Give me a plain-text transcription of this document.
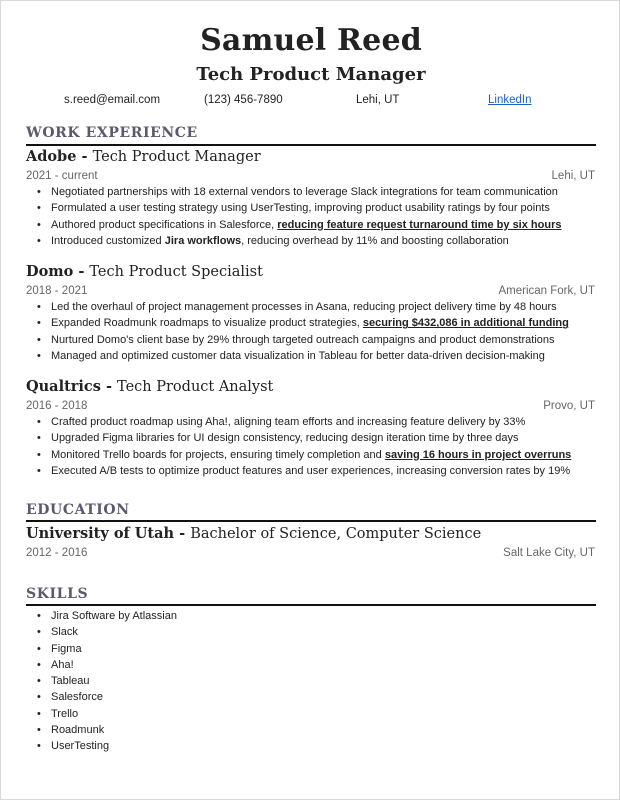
Samuel Reed
Tech Product Manager
s.reed@email.com	(123) 456-7890	Lehi, UT	LinkedIn
WORK EXPERIENCE
Adobe - Tech Product Manager
2021 - current	Lehi, UT
• Negotiated partnerships with 18 external vendors to leverage Slack integrations for team communication
• Formulated a user testing strategy using UserTesting, improving product usability ratings by four points
• Authored product specifications in Salesforce, reducing feature request turnaround time by six hours
• Introduced customized Jira workflows, reducing overhead by 11% and boosting collaboration
Domo - Tech Product Specialist
2018 - 2021	American Fork, UT
• Led the overhaul of project management processes in Asana, reducing project delivery time by 48 hours
• Expanded Roadmunk roadmaps to visualize product strategies, securing $432,086 in additional funding
• Nurtured Domo's client base by 29% through targeted outreach campaigns and product demonstrations
• Managed and optimized customer data visualization in Tableau for better data-driven decision-making
Qualtrics - Tech Product Analyst
2016 - 2018	Provo, UT
• Crafted product roadmap using Aha!, aligning team efforts and increasing feature delivery by 33%
• Upgraded Figma libraries for UI design consistency, reducing design iteration time by three days
• Monitored Trello boards for projects, ensuring timely completion and saving 16 hours in project overruns
• Executed A/B tests to optimize product features and user experiences, increasing conversion rates by 19%
EDUCATION
University of Utah - Bachelor of Science, Computer Science
2012 - 2016	Salt Lake City, UT
SKILLS
• Jira Software by Atlassian
• Slack
• Figma
• Aha!
• Tableau
• Salesforce
• Trello
• Roadmunk
• UserTesting
